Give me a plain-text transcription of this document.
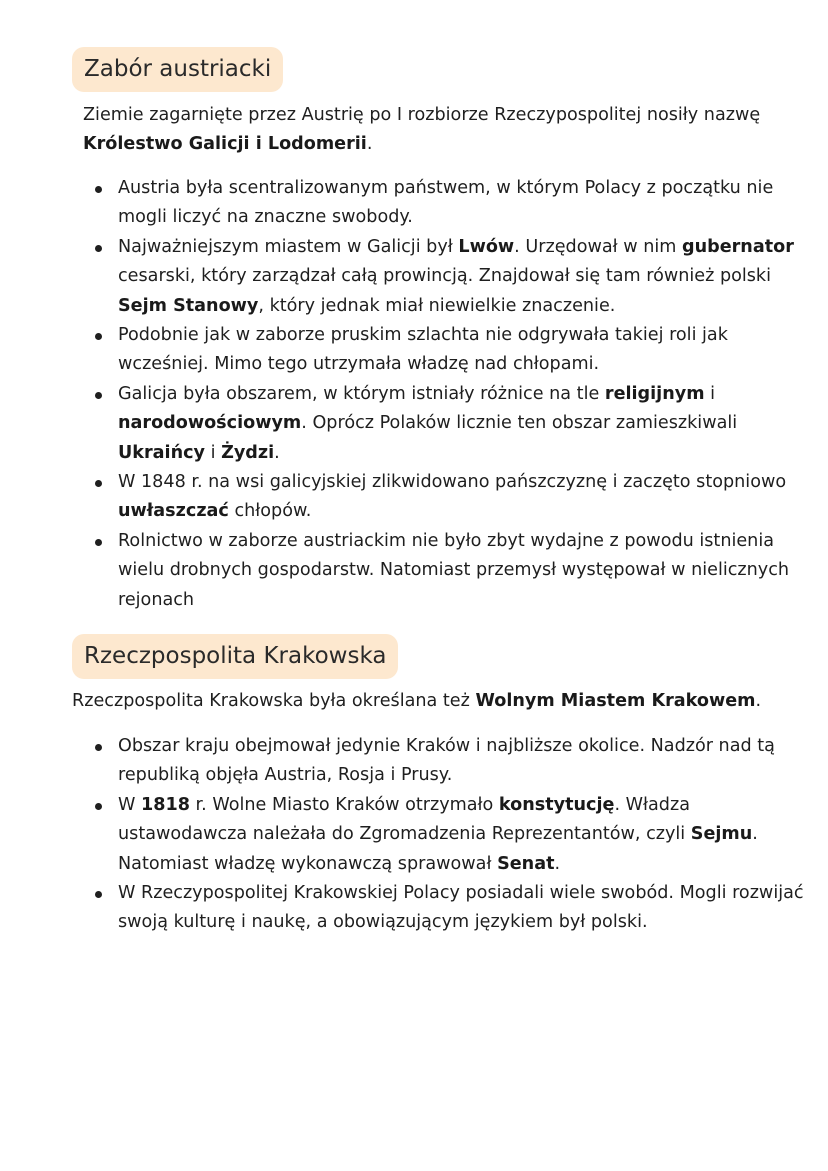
Zabór austriacki

Ziemie zagarnięte przez Austrię po I rozbiorze Rzeczypospolitej nosiły nazwę Królestwo Galicji i Lodomerii.

Austria była scentralizowanym państwem, w którym Polacy z początku nie mogli liczyć na znaczne swobody.
Najważniejszym miastem w Galicji był Lwów. Urzędował w nim gubernator cesarski, który zarządzał całą prowincją. Znajdował się tam również polski Sejm Stanowy, który jednak miał niewielkie znaczenie.
Podobnie jak w zaborze pruskim szlachta nie odgrywała takiej roli jak wcześniej. Mimo tego utrzymała władzę nad chłopami.
Galicja była obszarem, w którym istniały różnice na tle religijnym i narodowościowym. Oprócz Polaków licznie ten obszar zamieszkiwali Ukraińcy i Żydzi.
W 1848 r. na wsi galicyjskiej zlikwidowano pańszczyznę i zaczęto stopniowo uwłaszczać chłopów.
Rolnictwo w zaborze austriackim nie było zbyt wydajne z powodu istnienia wielu drobnych gospodarstw. Natomiast przemysł występował w nielicznych rejonach
Rzeczpospolita Krakowska

Rzeczpospolita Krakowska była określana też Wolnym Miastem Krakowem.

Obszar kraju obejmował jedynie Kraków i najbliższe okolice. Nadzór nad tą republiką objęła Austria, Rosja i Prusy.
W 1818 r. Wolne Miasto Kraków otrzymało konstytucję. Władza ustawodawcza należała do Zgromadzenia Reprezentantów, czyli Sejmu. Natomiast władzę wykonawczą sprawował Senat.
W Rzeczypospolitej Krakowskiej Polacy posiadali wiele swobód. Mogli rozwijać swoją kulturę i naukę, a obowiązującym językiem był polski.
